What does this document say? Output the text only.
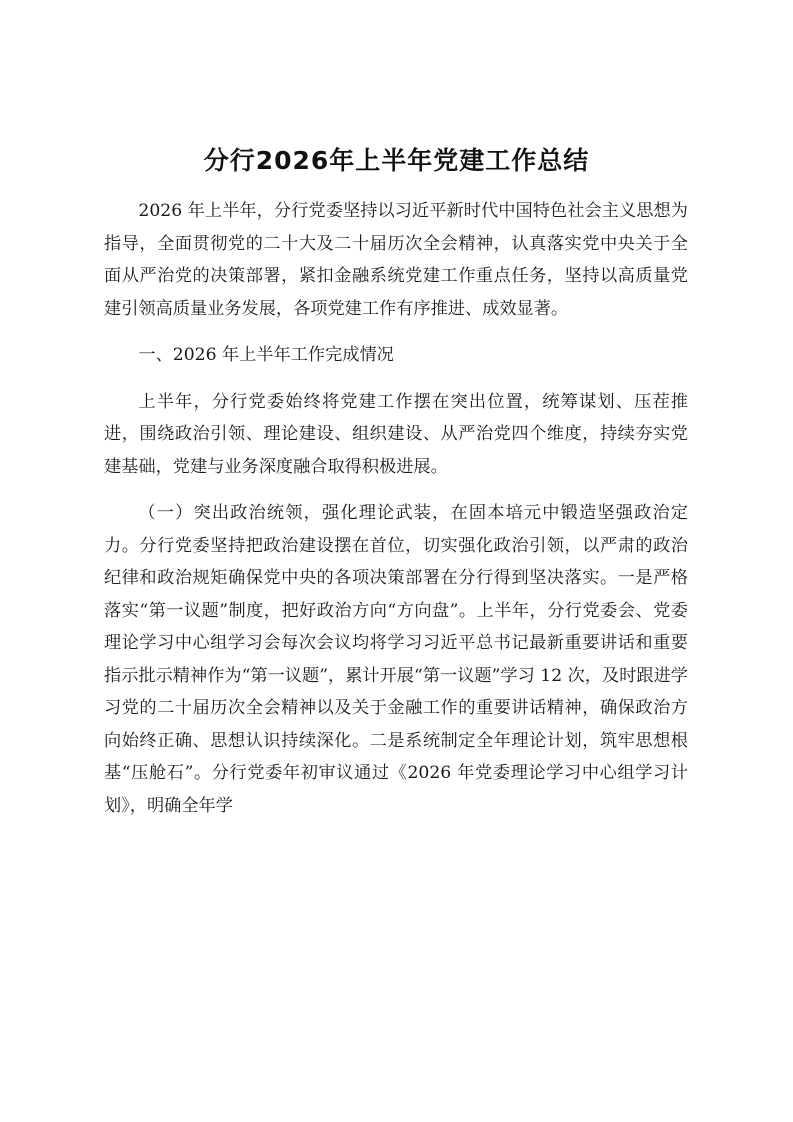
分行2026年上半年党建工作总结

2026 年上半年，分行党委坚持以习近平新时代中国特色社会主义思想为指导，全面贯彻党的二十大及二十届历次全会精神，认真落实党中央关于全面从严治党的决策部署，紧扣金融系统党建工作重点任务，坚持以高质量党建引领高质量业务发展，各项党建工作有序推进、成效显著。

一、2026 年上半年工作完成情况

上半年，分行党委始终将党建工作摆在突出位置，统筹谋划、压茬推进，围绕政治引领、理论建设、组织建设、从严治党四个维度，持续夯实党建基础，党建与业务深度融合取得积极进展。

（一）突出政治统领，强化理论武装，在固本培元中锻造坚强政治定力。分行党委坚持把政治建设摆在首位，切实强化政治引领，以严肃的政治纪律和政治规矩确保党中央的各项决策部署在分行得到坚决落实。一是严格落实“第一议题”制度，把好政治方向“方向盘”。上半年，分行党委会、党委理论学习中心组学习会每次会议均将学习习近平总书记最新重要讲话和重要指示批示精神作为“第一议题”，累计开展“第一议题”学习 12 次，及时跟进学习党的二十届历次全会精神以及关于金融工作的重要讲话精神，确保政治方向始终正确、思想认识持续深化。二是系统制定全年理论计划，筑牢思想根基“压舱石”。分行党委年初审议通过《2026 年党委理论学习中心组学习计划》，明确全年学
